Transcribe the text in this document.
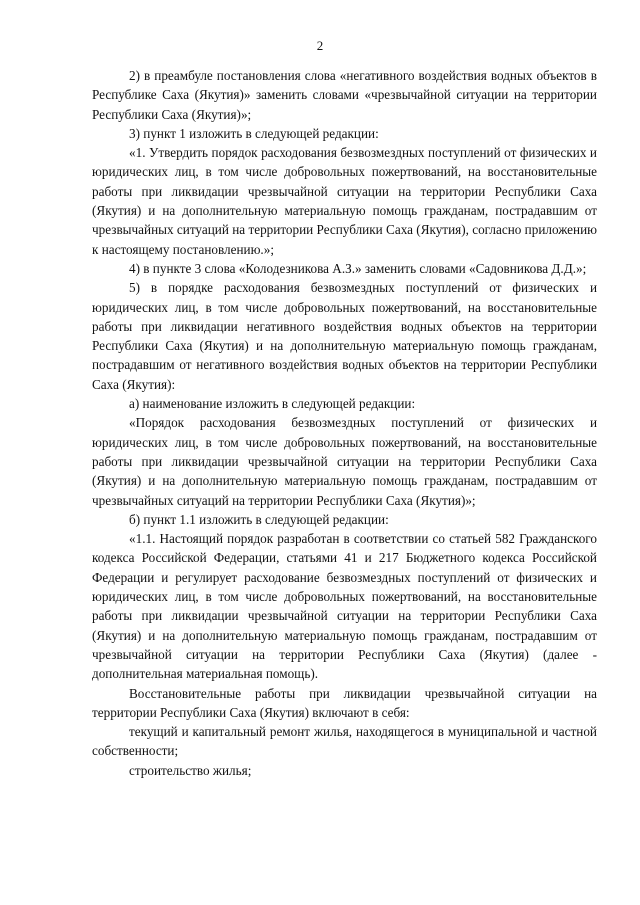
2

2) в преамбуле постановления слова «негативного воздействия водных объектов в Республике Саха (Якутия)» заменить словами «чрезвычайной ситуации на территории Республики Саха (Якутия)»;

3) пункт 1 изложить в следующей редакции:

«1. Утвердить порядок расходования безвозмездных поступлений от физических и юридических лиц, в том числе добровольных пожертвований, на восстановительные работы при ликвидации чрезвычайной ситуации на территории Республики Саха (Якутия) и на дополнительную материальную помощь гражданам, пострадавшим от чрезвычайных ситуаций на территории Республики Саха (Якутия), согласно приложению к настоящему постановлению.»;

4) в пункте 3 слова «Колодезникова А.З.» заменить словами «Садовникова Д.Д.»;

5) в порядке расходования безвозмездных поступлений от физических и юридических лиц, в том числе добровольных пожертвований, на восстановительные работы при ликвидации негативного воздействия водных объектов на территории Республики Саха (Якутия) и на дополнительную материальную помощь гражданам, пострадавшим от негативного воздействия водных объектов на территории Республики Саха (Якутия):

а) наименование изложить в следующей редакции:

«Порядок расходования безвозмездных поступлений от физических и юридических лиц, в том числе добровольных пожертвований, на восстановительные работы при ликвидации чрезвычайной ситуации на территории Республики Саха (Якутия) и на дополнительную материальную помощь гражданам, пострадавшим от чрезвычайных ситуаций на территории Республики Саха (Якутия)»;

б) пункт 1.1 изложить в следующей редакции:

«1.1. Настоящий порядок разработан в соответствии со статьей 582 Гражданского кодекса Российской Федерации, статьями 41 и 217 Бюджетного кодекса Российской Федерации и регулирует расходование безвозмездных поступлений от физических и юридических лиц, в том числе добровольных пожертвований, на восстановительные работы при ликвидации чрезвычайной ситуации на территории Республики Саха (Якутия) и на дополнительную материальную помощь гражданам, пострадавшим от чрезвычайной ситуации на территории Республики Саха (Якутия) (далее - дополнительная материальная помощь).

Восстановительные работы при ликвидации чрезвычайной ситуации на территории Республики Саха (Якутия) включают в себя:

текущий и капитальный ремонт жилья, находящегося в муниципальной и частной собственности;

строительство жилья;
